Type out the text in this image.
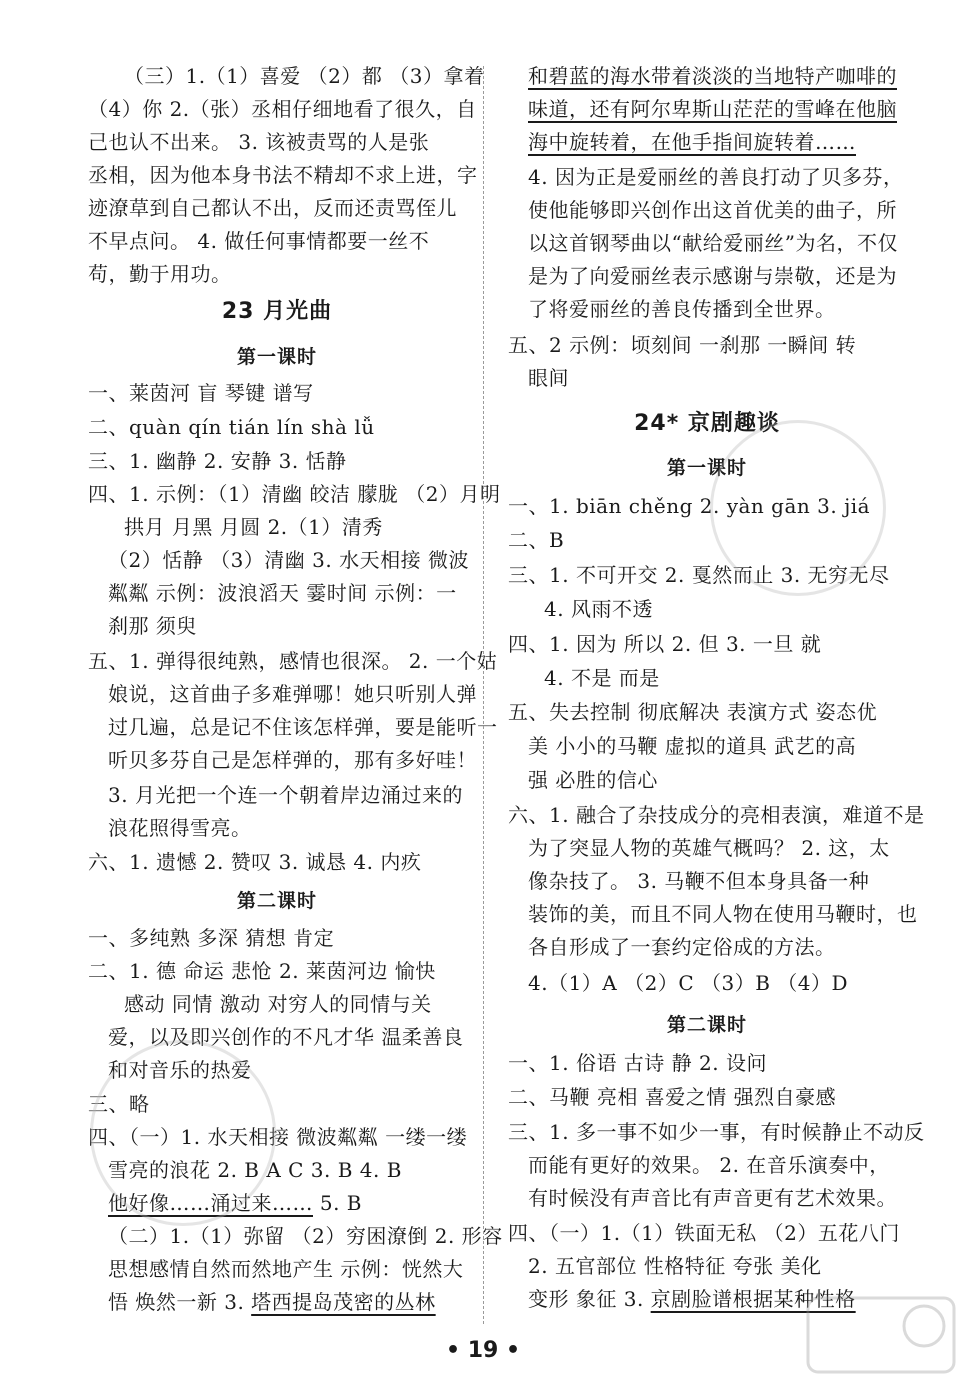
（三）1.（1）喜爱 （2）都 （3）拿着
（4）你 2.（张）丞相仔细地看了很久，自
己也认不出来。 3. 该被责骂的人是张
丞相，因为他本身书法不精却不求上进，字
迹潦草到自己都认不出，反而还责骂侄儿
不早点问。 4. 做任何事情都要一丝不
苟，勤于用功。
23 月光曲
第一课时
一、莱茵河 盲 琴键 谱写
二、quàn qín tián lín shà lǚ
三、1. 幽静 2. 安静 3. 恬静
四、1. 示例：（1）清幽 皎洁 朦胧 （2）月明
拱月 月黑 月圆 2.（1）清秀
（2）恬静 （3）清幽 3. 水天相接 微波
粼粼 示例：波浪滔天 霎时间 示例：一
刹那 须臾
五、1. 弹得很纯熟，感情也很深。 2. 一个姑
娘说，这首曲子多难弹哪！她只听别人弹
过几遍，总是记不住该怎样弹，要是能听一
听贝多芬自己是怎样弹的，那有多好哇！
3. 月光把一个连一个朝着岸边涌过来的
浪花照得雪亮。
六、1. 遗憾 2. 赞叹 3. 诚恳 4. 内疚
第二课时
一、多纯熟 多深 猜想 肯定
二、1. 德 命运 悲怆 2. 莱茵河边 愉快
感动 同情 激动 对穷人的同情与关
爱，以及即兴创作的不凡才华 温柔善良
和对音乐的热爱
三、略
四、（一）1. 水天相接 微波粼粼 一缕一缕
雪亮的浪花 2. B A C 3. B 4. B
他好像……涌过来…… 5. B
（二）1.（1）弥留 （2）穷困潦倒 2. 形容
思想感情自然而然地产生 示例：恍然大
悟 焕然一新 3. 塔西提岛茂密的丛林
和碧蓝的海水带着淡淡的当地特产咖啡的
味道，还有阿尔卑斯山茫茫的雪峰在他脑
海中旋转着，在他手指间旋转着……
4. 因为正是爱丽丝的善良打动了贝多芬，
使他能够即兴创作出这首优美的曲子，所
以这首钢琴曲以“献给爱丽丝”为名，不仅
是为了向爱丽丝表示感谢与崇敬，还是为
了将爱丽丝的善良传播到全世界。
五、2 示例：顷刻间 一刹那 一瞬间 转
眼间
24* 京剧趣谈
第一课时
一、1. biān chěng 2. yàn gān 3. jiá
二、B
三、1. 不可开交 2. 戛然而止 3. 无穷无尽
4. 风雨不透
四、1. 因为 所以 2. 但 3. 一旦 就
4. 不是 而是
五、失去控制 彻底解决 表演方式 姿态优
美 小小的马鞭 虚拟的道具 武艺的高
强 必胜的信心
六、1. 融合了杂技成分的亮相表演，难道不是
为了突显人物的英雄气概吗？ 2. 这，太
像杂技了。 3. 马鞭不但本身具备一种
装饰的美，而且不同人物在使用马鞭时，也
各自形成了一套约定俗成的方法。
4.（1）A （2）C （3）B （4）D
第二课时
一、1. 俗语 古诗 静 2. 设问
二、马鞭 亮相 喜爱之情 强烈自豪感
三、1. 多一事不如少一事，有时候静止不动反
而能有更好的效果。 2. 在音乐演奏中，
有时候没有声音比有声音更有艺术效果。
四、（一）1.（1）铁面无私 （2）五花八门
2. 五官部位 性格特征 夸张 美化
变形 象征 3. 京剧脸谱根据某种性格
• 19 •
